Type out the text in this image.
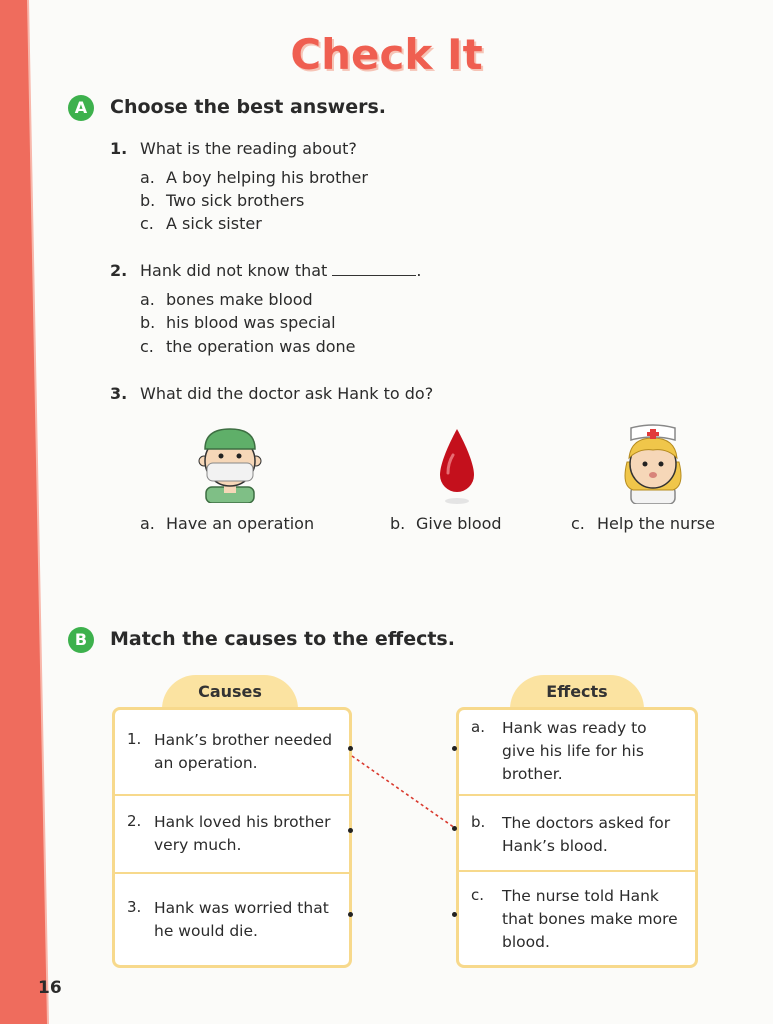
Check It
A	Choose the best answers.
1. What is the reading about?
a. A boy helping his brother
b. Two sick brothers
c. A sick sister
2. Hank did not know that	.
a. bones make blood
b. his blood was special
c. the operation was done
3. What did the doctor ask Hank to do?
a. Have an operation	b. Give blood	c. Help the nurse
B	Match the causes to the effects.
Causes
1. Hank’s brother needed
an operation.
2. Hank loved his brother
very much.
3. Hank was worried that
he would die.
Effects
a. Hank was ready to
give his life for his
brother.
b. The doctors asked for
Hank’s blood.
c. The nurse told Hank
that bones make more
blood.
16
